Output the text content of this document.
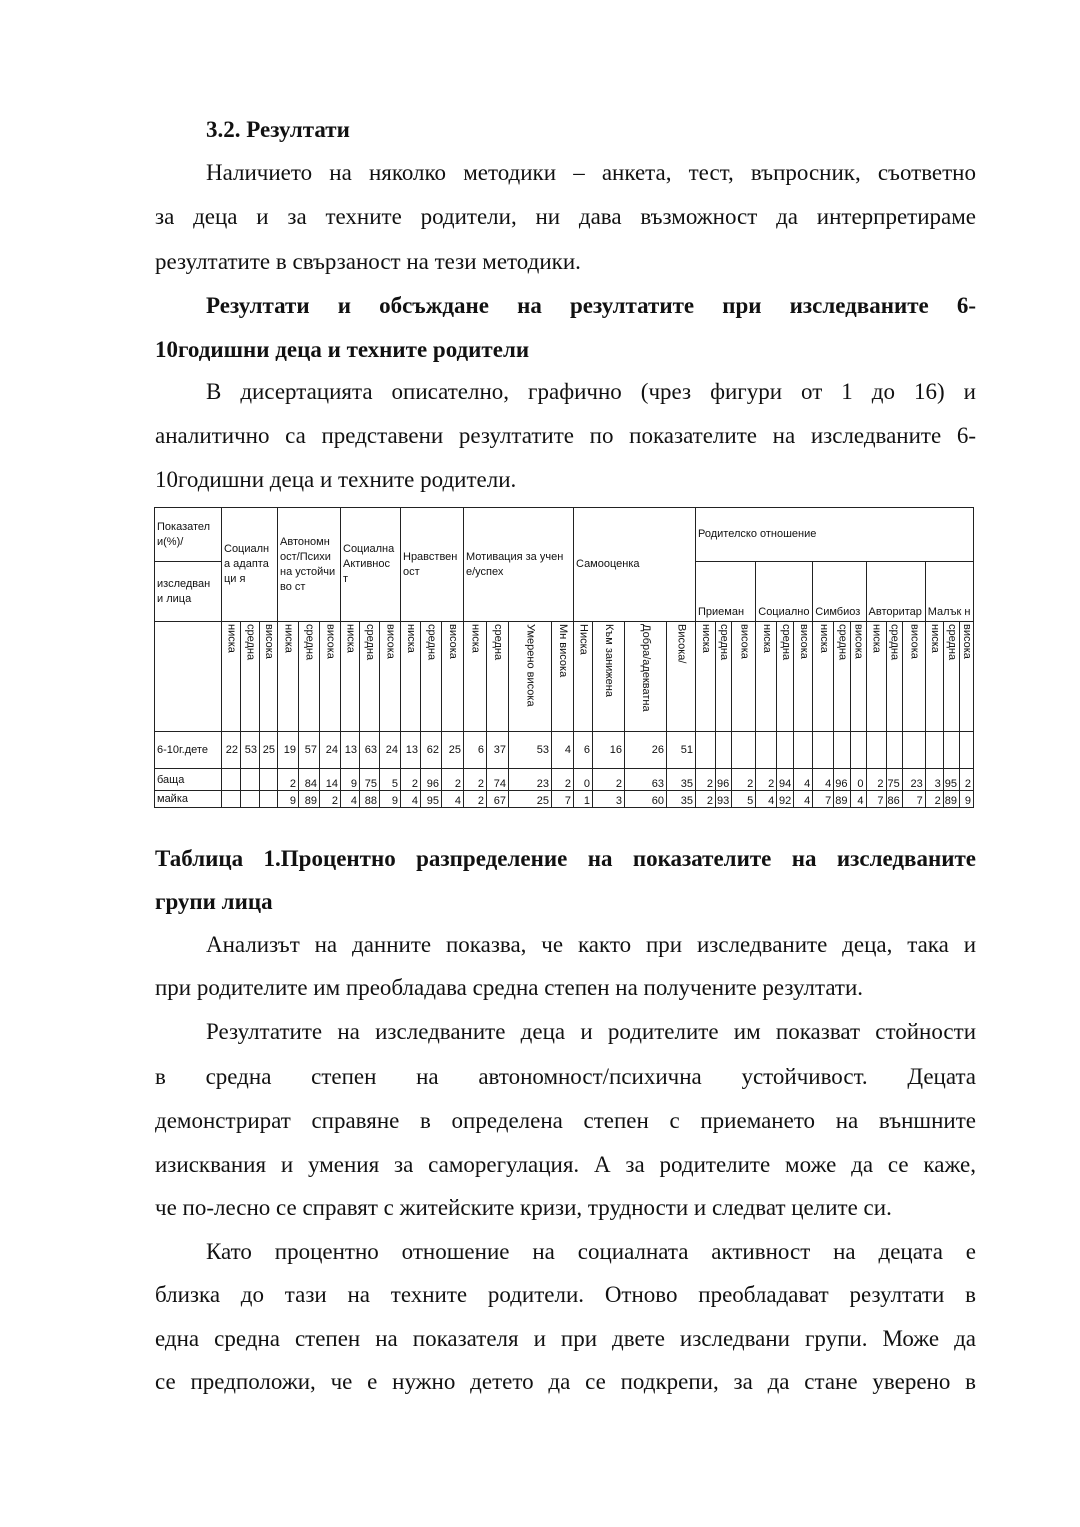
3.2. Резултати
Наличието на няколко методики – анкета, тест, въпросник, съответно
за деца и за техните родители, ни дава възможност да интерпретираме
резултатите в свързаност на тези методики.
Резултати и обсъждане на резултатите при изследваните 6-
10годишни деца и техните родители
В дисертацията описателно, графично (чрез фигури от 1 до 16) и
аналитично са представени резултатите по показателите на изследваните 6-
10годишни деца и техните родители.
Показател и(%)/	Социална адаптаци я			Автономн ост/Психи на устойчиво ст			Социална Активнос т			Нравствен ост			Мотивация за учене/успех				Самооценка				Родителско отношение														
изследван и лица																					Приеман			Социално			Симбиоз			Авторитар			Малък н		

	ниска	средна	висока	ниска	средна	висока	ниска	средна	висока	ниска	средна	висока	ниска	средна	Умерено висока	Мн висока	Ниска	Към занижена	Добра/адекватна	Висока/	ниска	средна	висока	ниска	средна	висока	ниска	средна	висока	ниска	средна	висока	ниска	средна	висока

6-10г.дете	22	53	25	19	57	24	13	63	24	13	62	25	6	37	53	4	6	16	26	51															
баща				2	84	14	9	75	5	2	96	2	2	74	23	2	0	2	63	35	2	96	2	2	94	4	4	96	0	2	75	23	3	95	2
майка				9	89	2	4	88	9	4	95	4	2	67	25	7	1	3	60	35	2	93	5	4	92	4	7	89	4	7	86	7	2	89	9
Таблица 1.Процентно разпределение на показателите на изследваните
групи лица
Анализът на данните показва, че както при изследваните деца, така и
при родителите им преобладава средна степен на получените резултати.
Резултатите на изследваните деца и родителите им показват стойности
в средна степен на автономност/психична устойчивост. Децата
демонстрират справяне в определена степен с приемането на външните
изисквания и умения за саморегулация. А за родителите може да се каже,
че по-лесно се справят с житейските кризи, трудности и следват целите си.
Като процентно отношение на социалната активност на децата е
близка до тази на техните родители. Отново преобладават резултати в
една средна степен на показателя и при двете изследвани групи. Може да
се предположи, че е нужно детето да се подкрепи, за да стане уверено в
